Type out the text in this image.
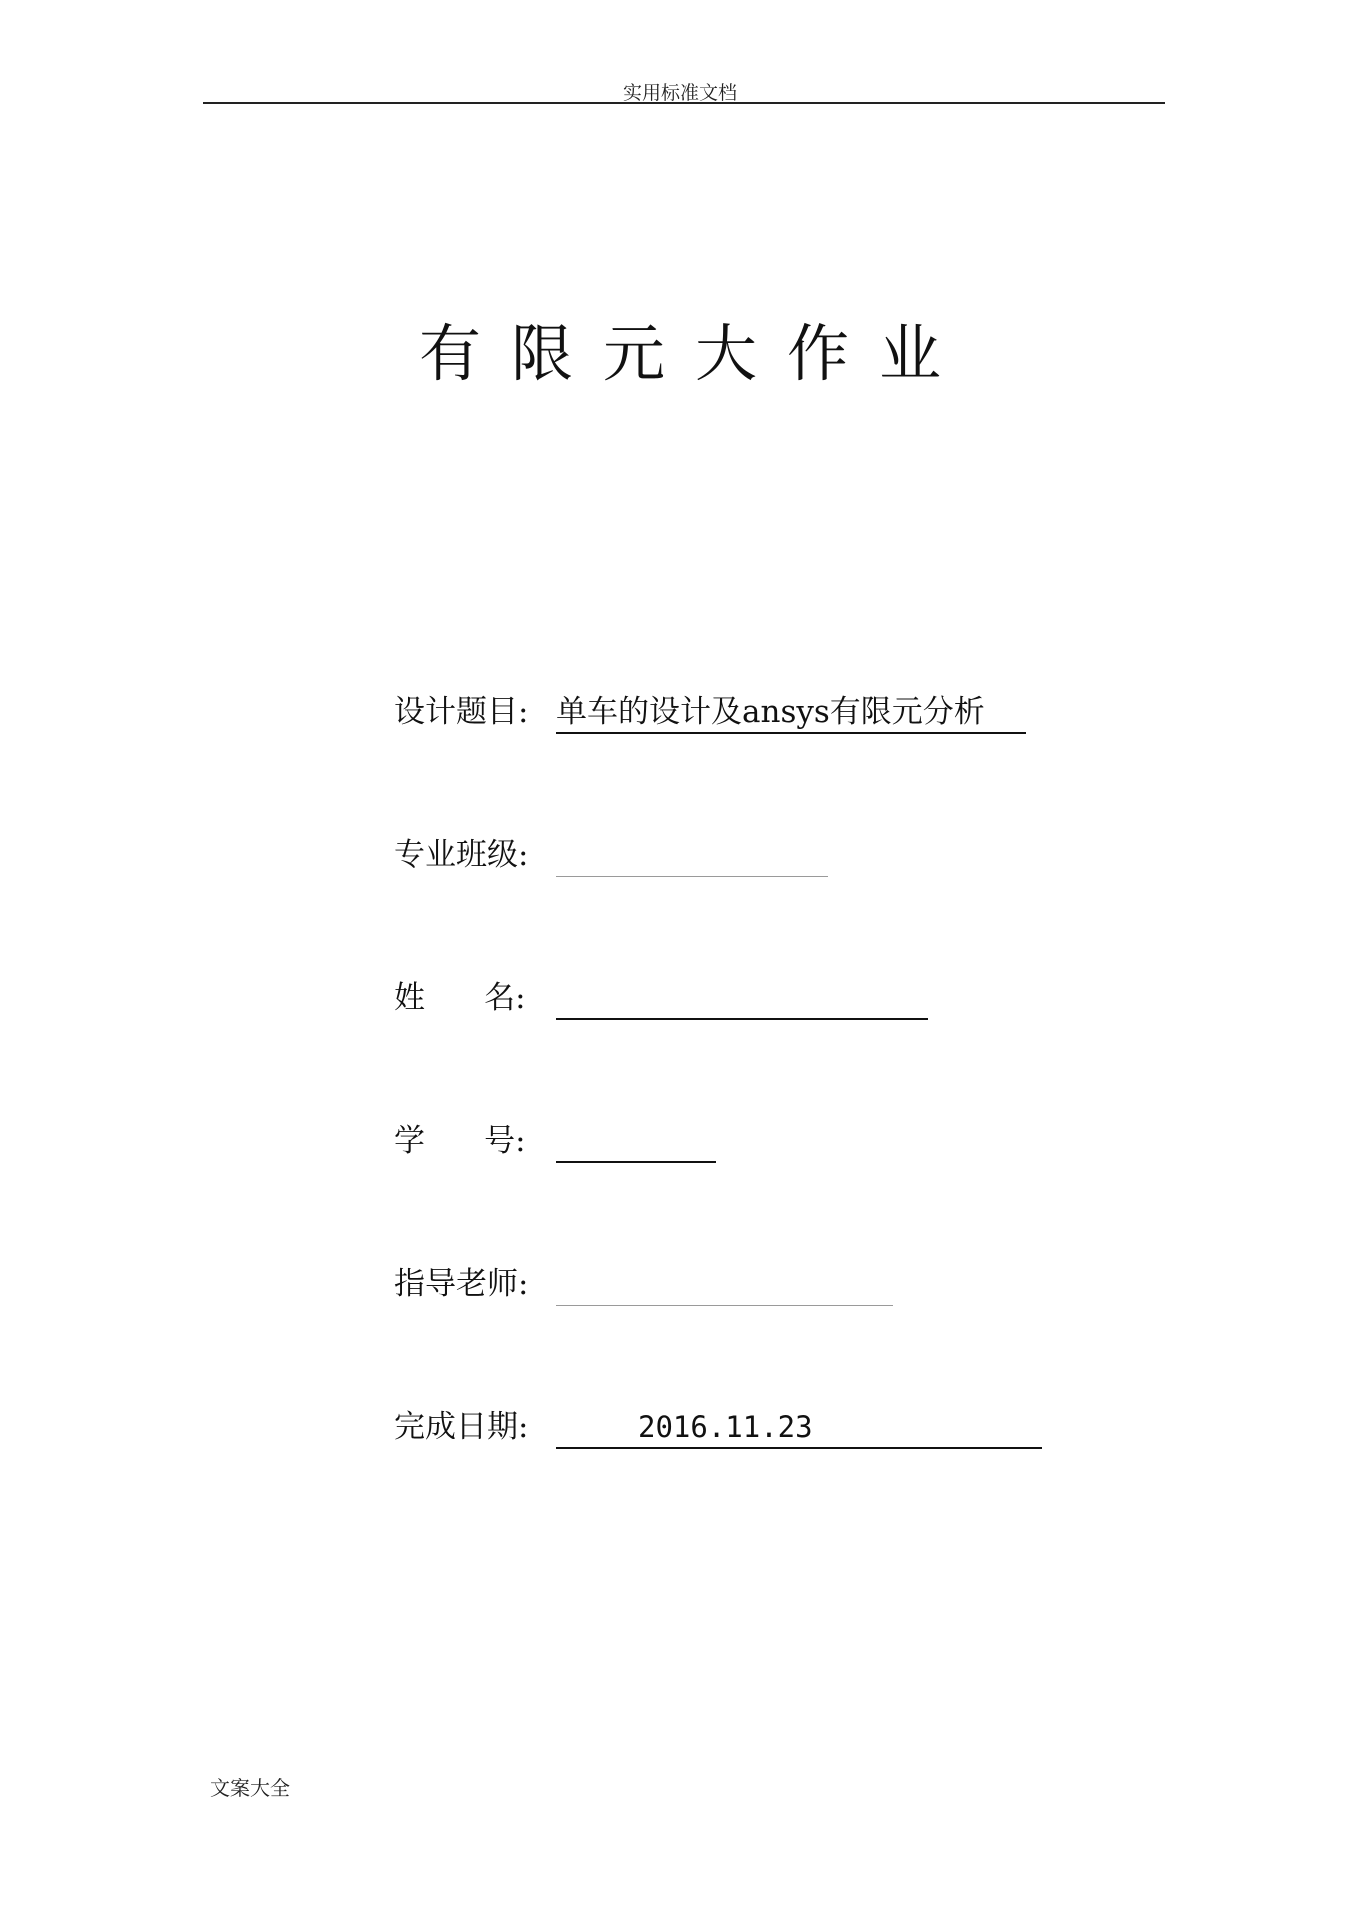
实用标准文档
有限元大作业
设计题目: 单车的设计及ansys有限元分析
专业班级:
姓      名:
学      号:
指导老师:
完成日期:	2016.11.23
文案大全
